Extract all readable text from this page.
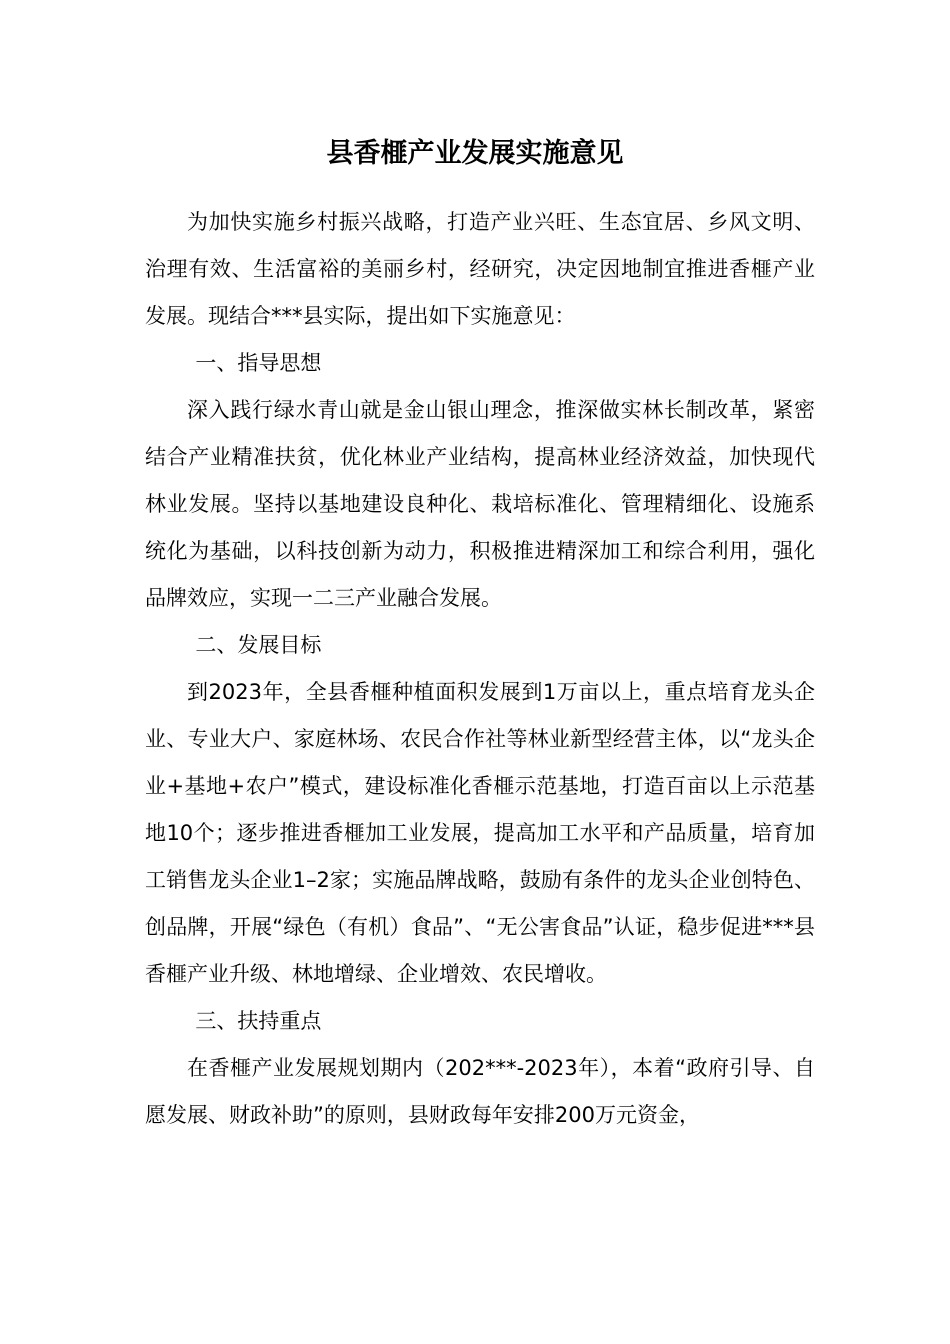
县香榧产业发展实施意见

为加快实施乡村振兴战略，打造产业兴旺、生态宜居、乡风文明、治理有效、生活富裕的美丽乡村，经研究，决定因地制宜推进香榧产业发展。现结合***县实际，提出如下实施意见：

一、指导思想

深入践行绿水青山就是金山银山理念，推深做实林长制改革，紧密结合产业精准扶贫，优化林业产业结构，提高林业经济效益，加快现代林业发展。坚持以基地建设良种化、栽培标准化、管理精细化、设施系统化为基础，以科技创新为动力，积极推进精深加工和综合利用，强化品牌效应，实现一二三产业融合发展。

二、发展目标

到2023年，全县香榧种植面积发展到1万亩以上，重点培育龙头企业、专业大户、家庭林场、农民合作社等林业新型经营主体，以“龙头企业+基地+农户”模式，建设标准化香榧示范基地，打造百亩以上示范基地10个；逐步推进香榧加工业发展，提高加工水平和产品质量，培育加工销售龙头企业1–2家；实施品牌战略，鼓励有条件的龙头企业创特色、创品牌，开展“绿色（有机）食品”、“无公害食品”认证，稳步促进***县香榧产业升级、林地增绿、企业增效、农民增收。

三、扶持重点

在香榧产业发展规划期内（202***-2023年），本着“政府引导、自愿发展、财政补助”的原则，县财政每年安排200万元资金，
